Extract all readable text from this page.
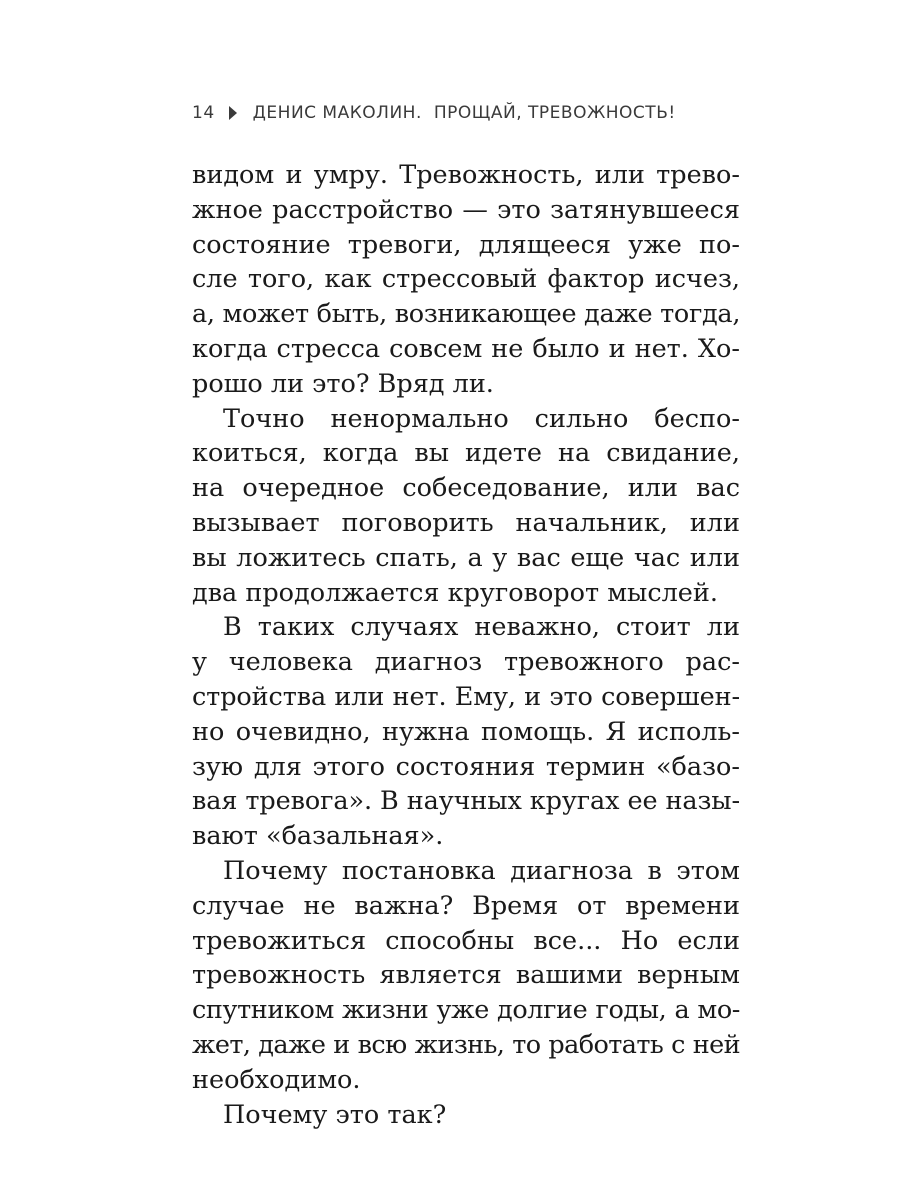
14 ДЕНИС МАКОЛИН. ПРОЩАЙ, ТРЕВОЖНОСТЬ!
видом и умру. Тревожность, или трево-
жное расстройство — это затянувшееся
состояние тревоги, длящееся уже по-
сле того, как стрессовый фактор исчез,
а, может быть, возникающее даже тогда,
когда стресса совсем не было и нет. Хо-
рошо ли это? Вряд ли.
Точно ненормально сильно беспо-
коиться, когда вы идете на свидание,
на очередное собеседование, или вас
вызывает поговорить начальник, или
вы ложитесь спать, а у вас еще час или
два продолжается круговорот мыслей.
В таких случаях неважно, стоит ли
у человека диагноз тревожного рас-
стройства или нет. Ему, и это совершен-
но очевидно, нужна помощь. Я исполь-
зую для этого состояния термин «базо-
вая тревога». В научных кругах ее назы-
вают «базальная».
Почему постановка диагноза в этом
случае не важна? Время от времени
тревожиться способны все... Но если
тревожность является вашими верным
спутником жизни уже долгие годы, а мо-
жет, даже и всю жизнь, то работать с ней
необходимо.
Почему это так?
